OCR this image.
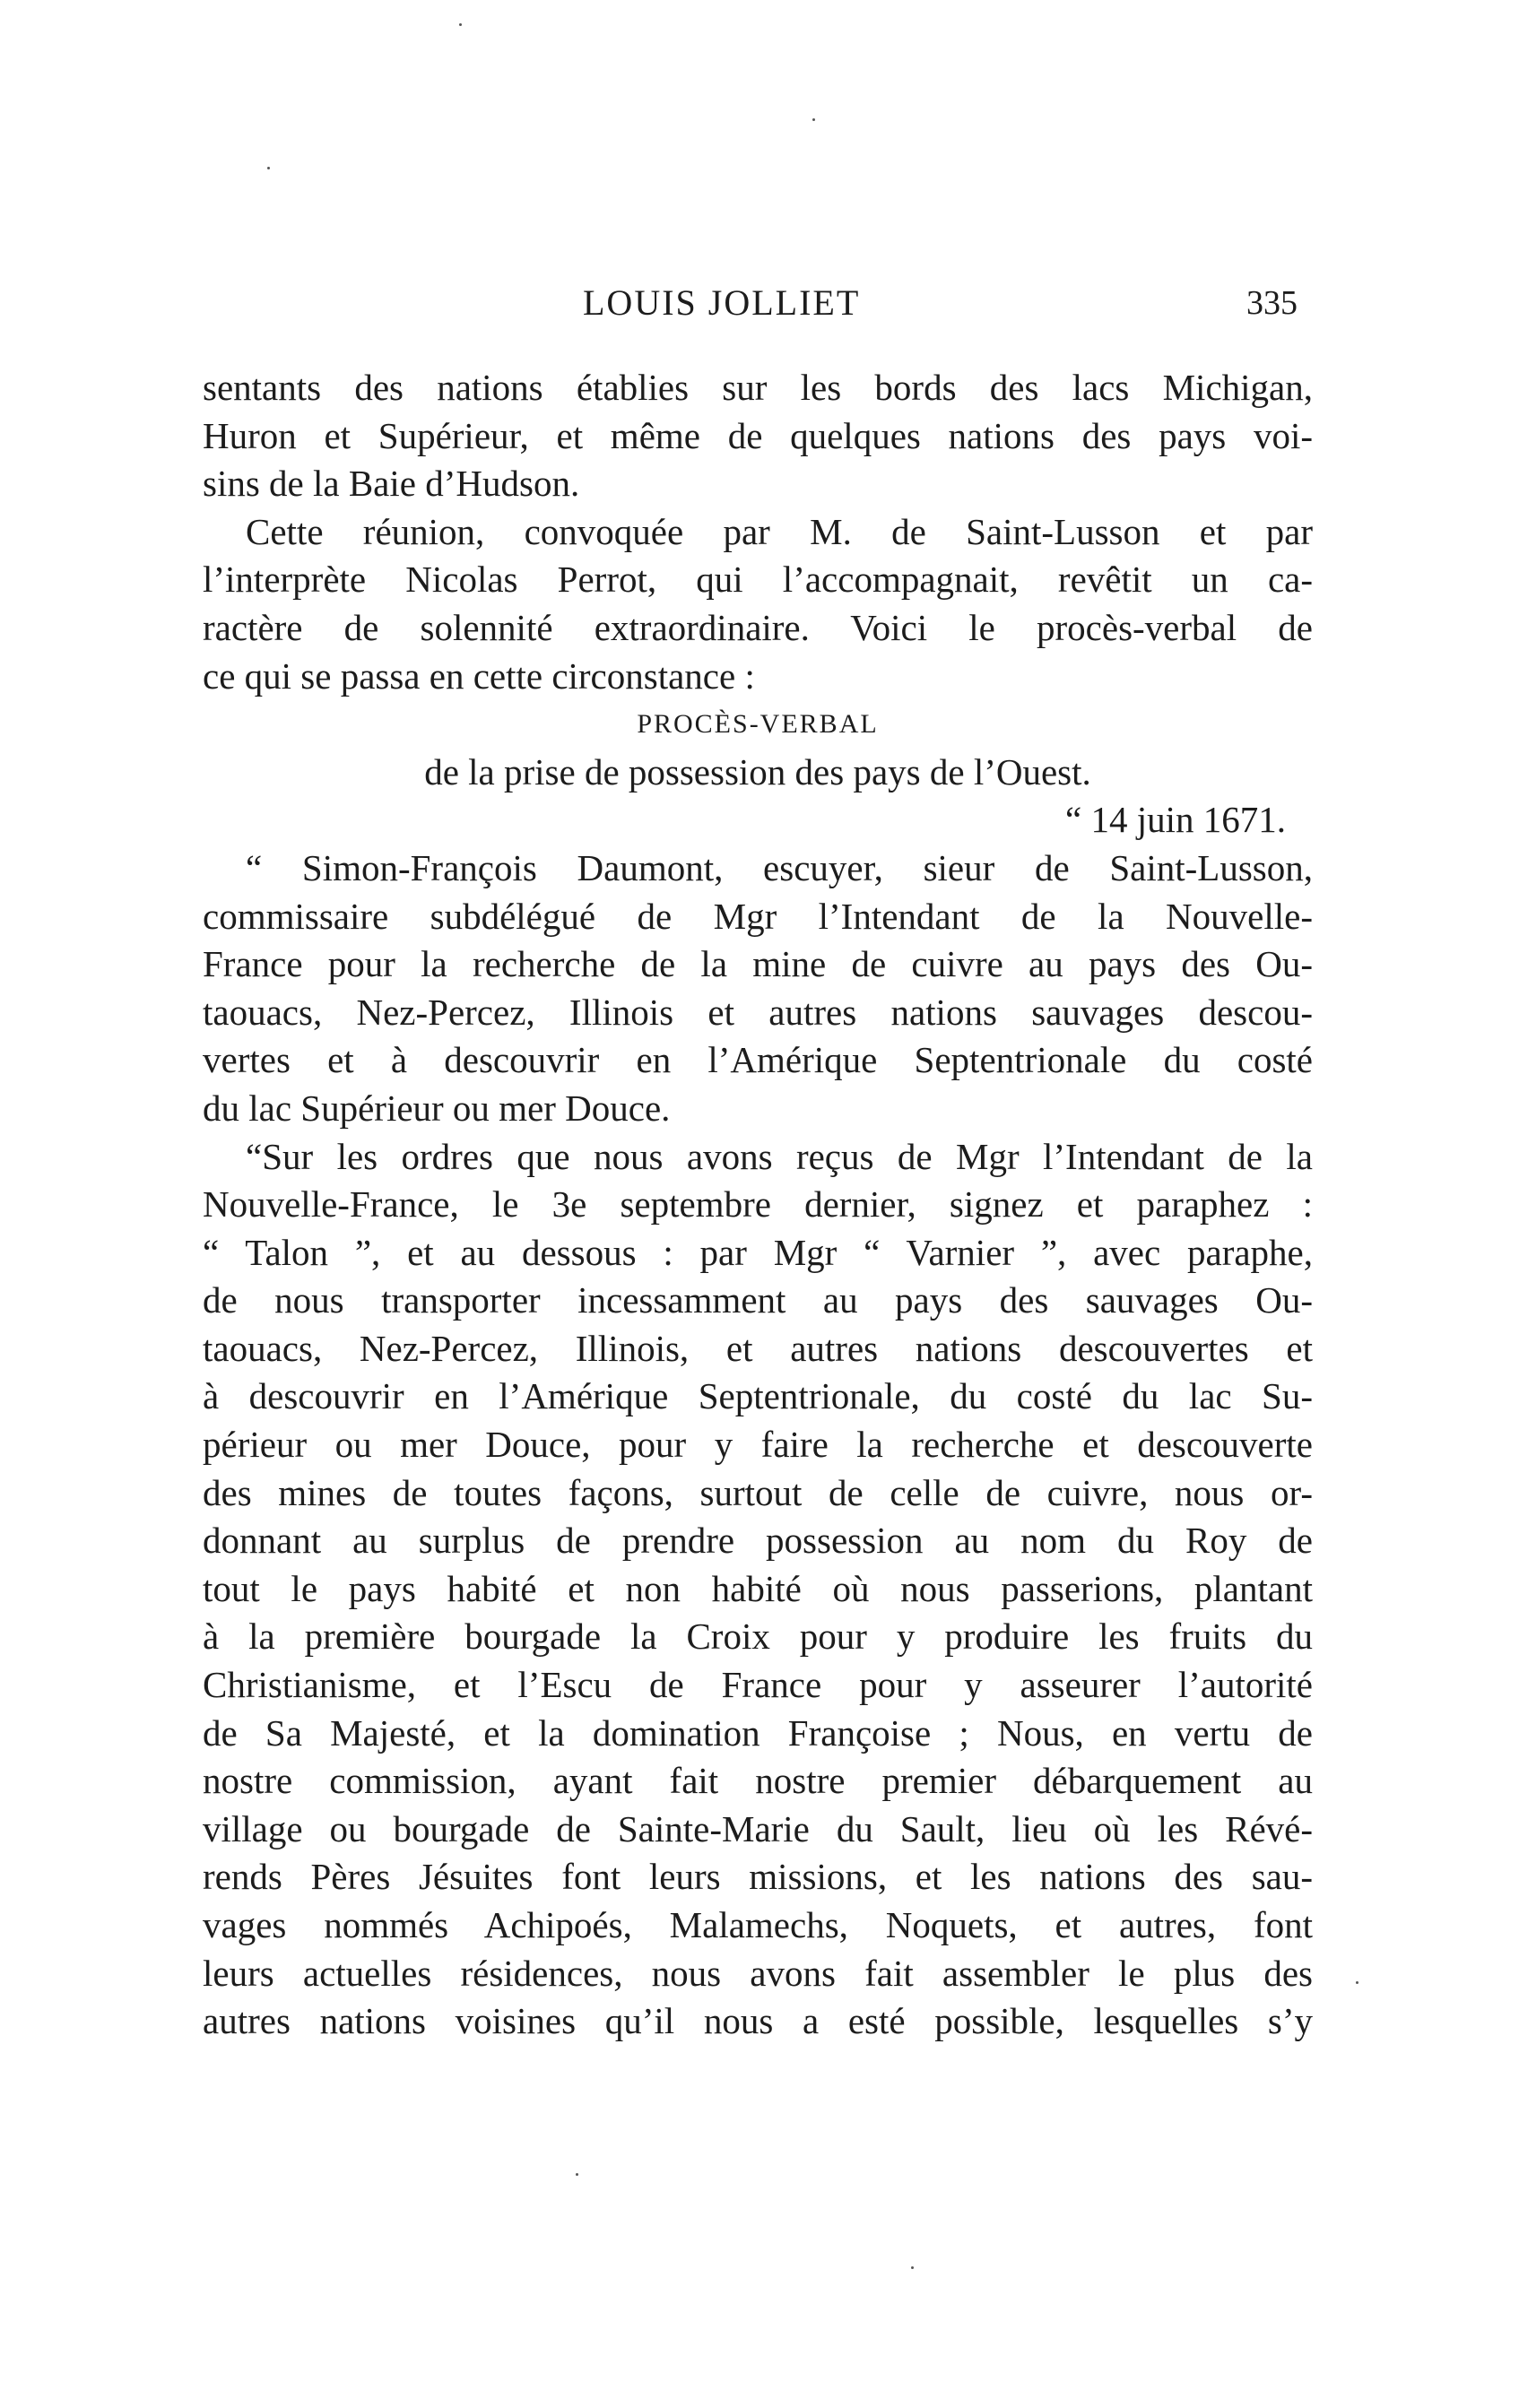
LOUIS JOLLIET	335
sentants des nations établies sur les bords des lacs Michigan,
Huron et Supérieur, et même de quelques nations des pays voi-
sins de la Baie d’Hudson.
Cette réunion, convoquée par M. de Saint-Lusson et par
l’interprète Nicolas Perrot, qui l’accompagnait, revêtit un ca-
ractère de solennité extraordinaire. Voici le procès-verbal de
ce qui se passa en cette circonstance :
PROCÈS-VERBAL
de la prise de possession des pays de l’Ouest.
“ 14 juin 1671.
“ Simon-François Daumont, escuyer, sieur de Saint-Lusson,
commissaire subdélégué de Mgr l’Intendant de la Nouvelle-
France pour la recherche de la mine de cuivre au pays des Ou-
taouacs, Nez-Percez, Illinois et autres nations sauvages descou-
vertes et à descouvrir en l’Amérique Septentrionale du costé
du lac Supérieur ou mer Douce.
“Sur les ordres que nous avons reçus de Mgr l’Intendant de la
Nouvelle-France, le 3e septembre dernier, signez et paraphez :
“ Talon ”, et au dessous : par Mgr “ Varnier ”, avec paraphe,
de nous transporter incessamment au pays des sauvages Ou-
taouacs, Nez-Percez, Illinois, et autres nations descouvertes et
à descouvrir en l’Amérique Septentrionale, du costé du lac Su-
périeur ou mer Douce, pour y faire la recherche et descouverte
des mines de toutes façons, surtout de celle de cuivre, nous or-
donnant au surplus de prendre possession au nom du Roy de
tout le pays habité et non habité où nous passerions, plantant
à la première bourgade la Croix pour y produire les fruits du
Christianisme, et l’Escu de France pour y asseurer l’autorité
de Sa Majesté, et la domination Françoise ; Nous, en vertu de
nostre commission, ayant fait nostre premier débarquement au
village ou bourgade de Sainte-Marie du Sault, lieu où les Révé-
rends Pères Jésuites font leurs missions, et les nations des sau-
vages nommés Achipoés, Malamechs, Noquets, et autres, font
leurs actuelles résidences, nous avons fait assembler le plus des
autres nations voisines qu’il nous a esté possible, lesquelles s’y
